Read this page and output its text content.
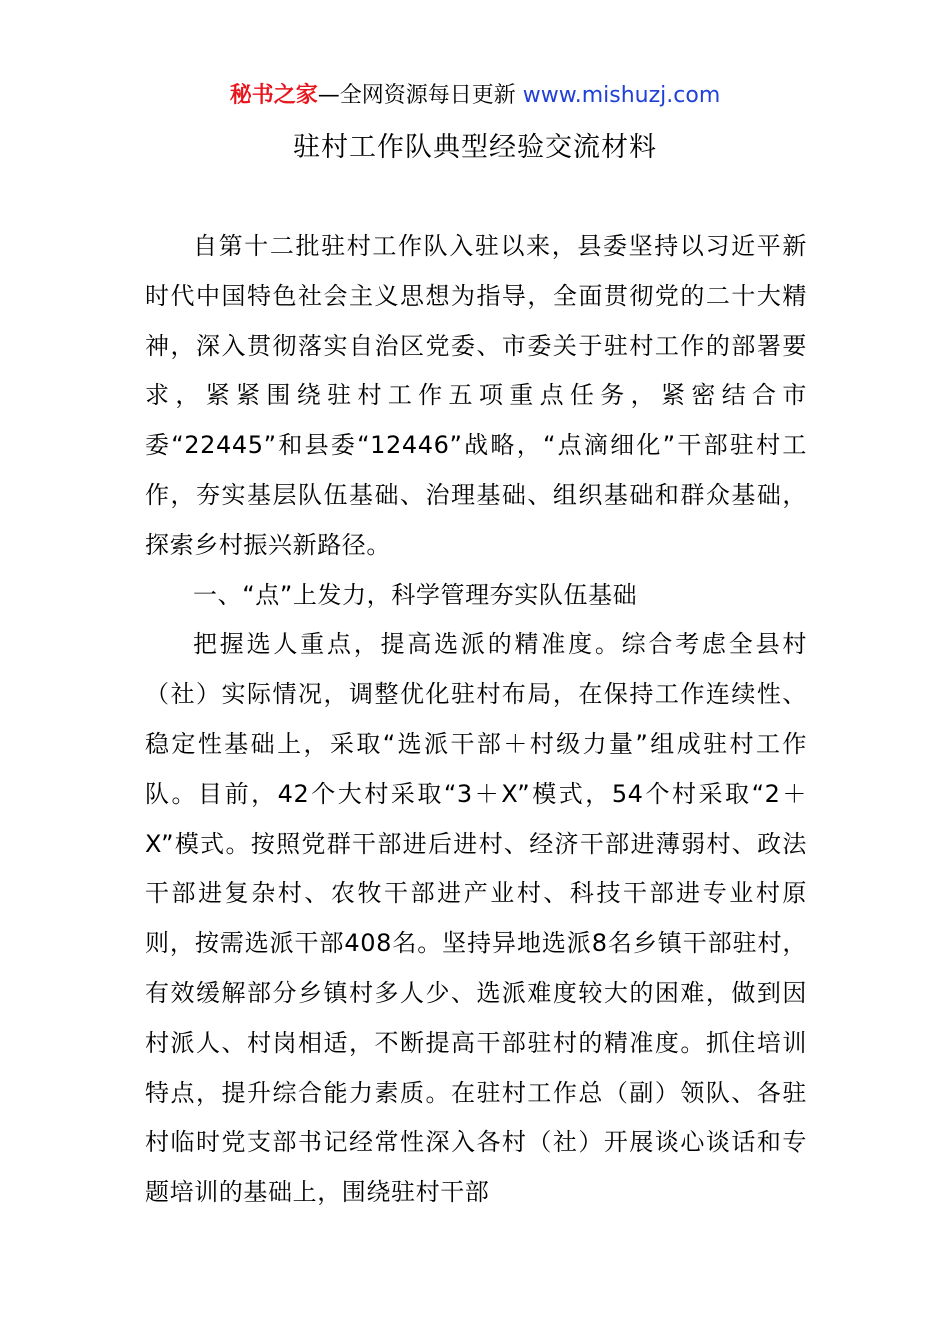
秘书之家—全网资源每日更新 www.mishuzj.com
驻村工作队典型经验交流材料

自第十二批驻村工作队入驻以来，县委坚持以习近平新时代中国特色社会主义思想为指导，全面贯彻党的二十大精神，深入贯彻落实自治区党委、市委关于驻村工作的部署要求，紧紧围绕驻村工作五项重点任务，紧密结合市委“22445”和县委“12446”战略，“点滴细化”干部驻村工作，夯实基层队伍基础、治理基础、组织基础和群众基础，探索乡村振兴新路径。

一、“点”上发力，科学管理夯实队伍基础

把握选人重点，提高选派的精准度。综合考虑全县村（社）实际情况，调整优化驻村布局，在保持工作连续性、稳定性基础上，采取“选派干部＋村级力量”组成驻村工作队。目前，42个大村采取“3＋X”模式，54个村采取“2＋X”模式。按照党群干部进后进村、经济干部进薄弱村、政法干部进复杂村、农牧干部进产业村、科技干部进专业村原则，按需选派干部408名。坚持异地选派8名乡镇干部驻村，有效缓解部分乡镇村多人少、选派难度较大的困难，做到因村派人、村岗相适，不断提高干部驻村的精准度。抓住培训特点，提升综合能力素质。在驻村工作总（副）领队、各驻村临时党支部书记经常性深入各村（社）开展谈心谈话和专题培训的基础上，围绕驻村干部
